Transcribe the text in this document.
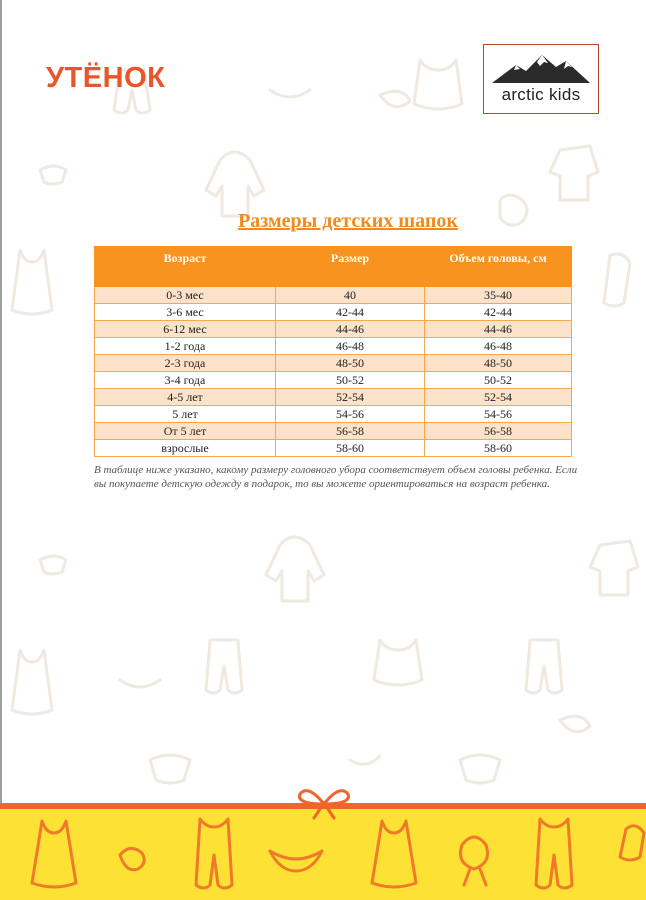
УТЁНОК
arctic kids
Размеры детских шапок
Возраст	Размер	Объем головы, см
0-3 мес	40	35-40
3-6 мес	42-44	42-44
6-12 мес	44-46	44-46
1-2 года	46-48	46-48
2-3 года	48-50	48-50
3-4 года	50-52	50-52
4-5 лет	52-54	52-54
5 лет	54-56	54-56
От 5 лет	56-58	56-58
взрослые	58-60	58-60

В таблице ниже указано, какому размеру головного убора соответствует объем головы ребенка. Если вы покупаете детскую одежду в подарок, то вы можете ориентироваться на возраст ребенка.
